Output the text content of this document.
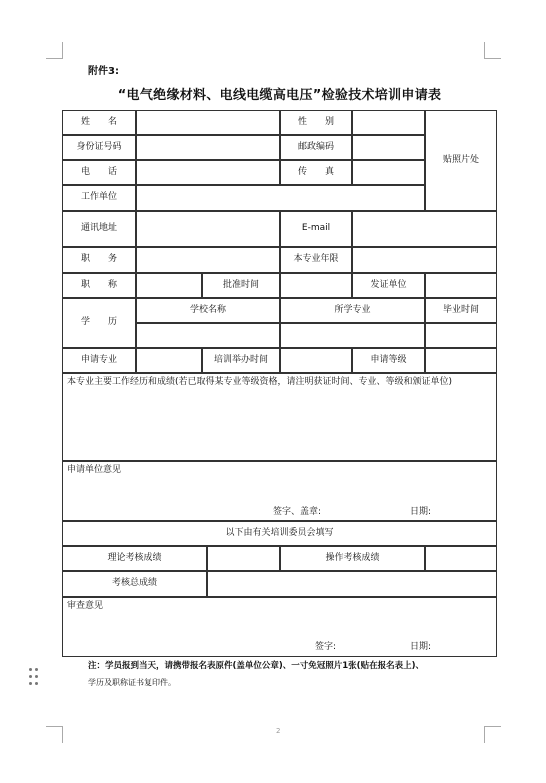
附件3:
“电气绝缘材料、电线电缆高电压”检验技术培训申请表
姓　　名	性　　别
贴照片处
身份证号码	邮政编码
电　　话	传　　真
工作单位
通讯地址	E-mail
职　　务	本专业年限
职　　称	批准时间	发证单位
学　　历
学校名称	所学专业	毕业时间
申请专业	培训举办时间	申请等级
本专业主要工作经历和成绩(若已取得某专业等级资格，请注明获证时间、专业、等级和颁证单位)
申请单位意见
签字、盖章:	日期:
以下由有关培训委员会填写
理论考核成绩	操作考核成绩
考核总成绩
审查意见
签字:	日期:
注：学员报到当天，请携带报名表原件(盖单位公章)、一寸免冠照片1张(贴在报名表上)、
学历及职称证书复印件。
2
